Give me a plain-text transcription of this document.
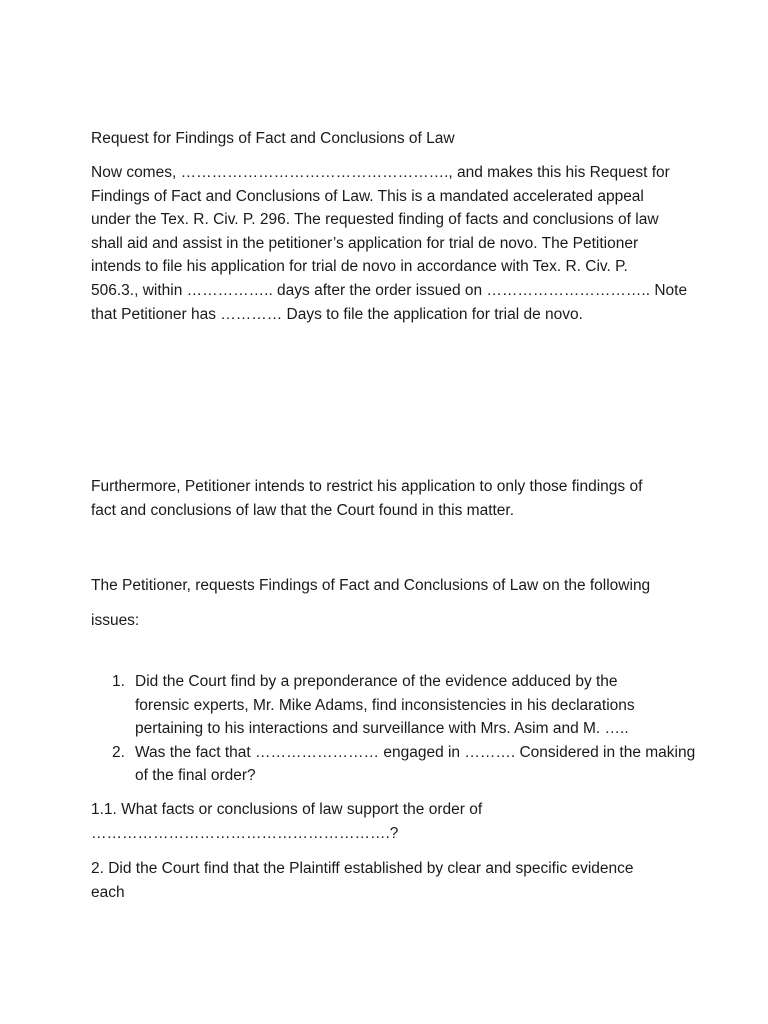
Request for Findings of Fact and Conclusions of Law

Now comes, ……………………………………………., and makes this his Request for
Findings of Fact and Conclusions of Law. This is a mandated accelerated appeal
under the Tex. R. Civ. P. 296. The requested finding of facts and conclusions of law
shall aid and assist in the petitioner’s application for trial de novo. The Petitioner
intends to file his application for trial de novo in accordance with Tex. R. Civ. P.
506.3., within …………….. days after the order issued on ………………………….. Note
that Petitioner has ………… Days to file the application for trial de novo.

Furthermore, Petitioner intends to restrict his application to only those findings of
fact and conclusions of law that the Court found in this matter.

The Petitioner, requests Findings of Fact and Conclusions of Law on the following
issues:

1. Did the Court find by a preponderance of the evidence adduced by the
forensic experts, Mr. Mike Adams, find inconsistencies in his declarations
pertaining to his interactions and surveillance with Mrs. Asim and M. …..
2. Was the fact that …………………… engaged in ………. Considered in the making
of the final order?

1.1. What facts or conclusions of law support the order of
………………………………………………….?

2. Did the Court find that the Plaintiff established by clear and specific evidence
each
